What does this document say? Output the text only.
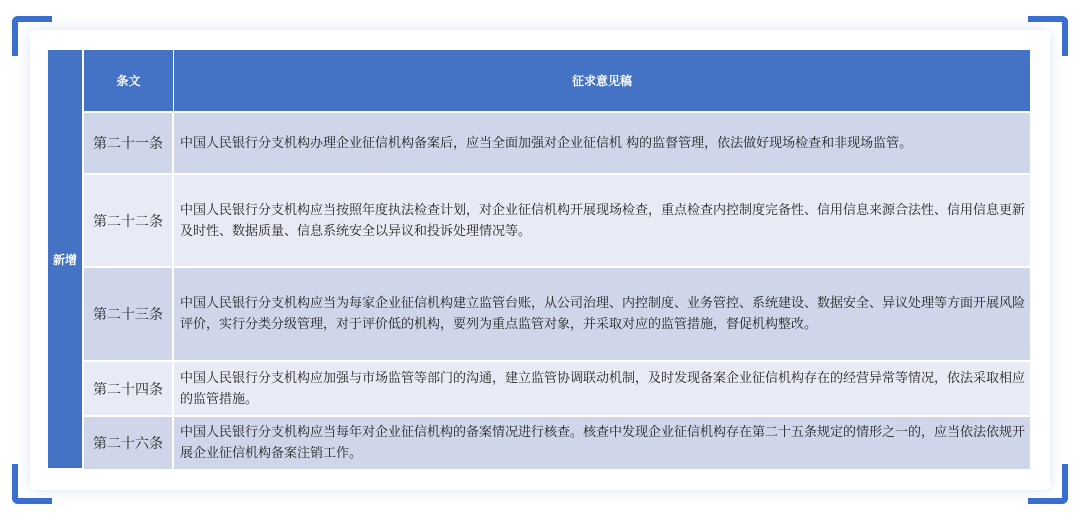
新增
条文	征求意见稿
第二十一条	中国人民银行分支机构办理企业征信机构备案后，应当全面加强对企业征信机 构的监督管理，依法做好现场检查和非现场监管。
第二十二条
中国人民银行分支机构应当按照年度执法检查计划，对企业征信机构开展现场检查，重点检查内控制度完备性、信用信息来源合法性、信用信息更新及时性、数据质量、信息系统安全以异议和投诉处理情况等。
第二十三条
中国人民银行分支机构应当为每家企业征信机构建立监管台账，从公司治理、内控制度、业务管控、系统建设、数据安全、异议处理等方面开展风险评价，实行分类分级管理，对于评价低的机构，要列为重点监管对象，并采取对应的监管措施，督促机构整改。
第二十四条
中国人民银行分支机构应加强与市场监管等部门的沟通，建立监管协调联动机制，及时发现备案企业征信机构存在的经营异常等情况，依法采取相应的监管措施。
第二十六条
中国人民银行分支机构应当每年对企业征信机构的备案情况进行核查。核查中发现企业征信机构存在第二十五条规定的情形之一的，应当依法依规开展企业征信机构备案注销工作。
